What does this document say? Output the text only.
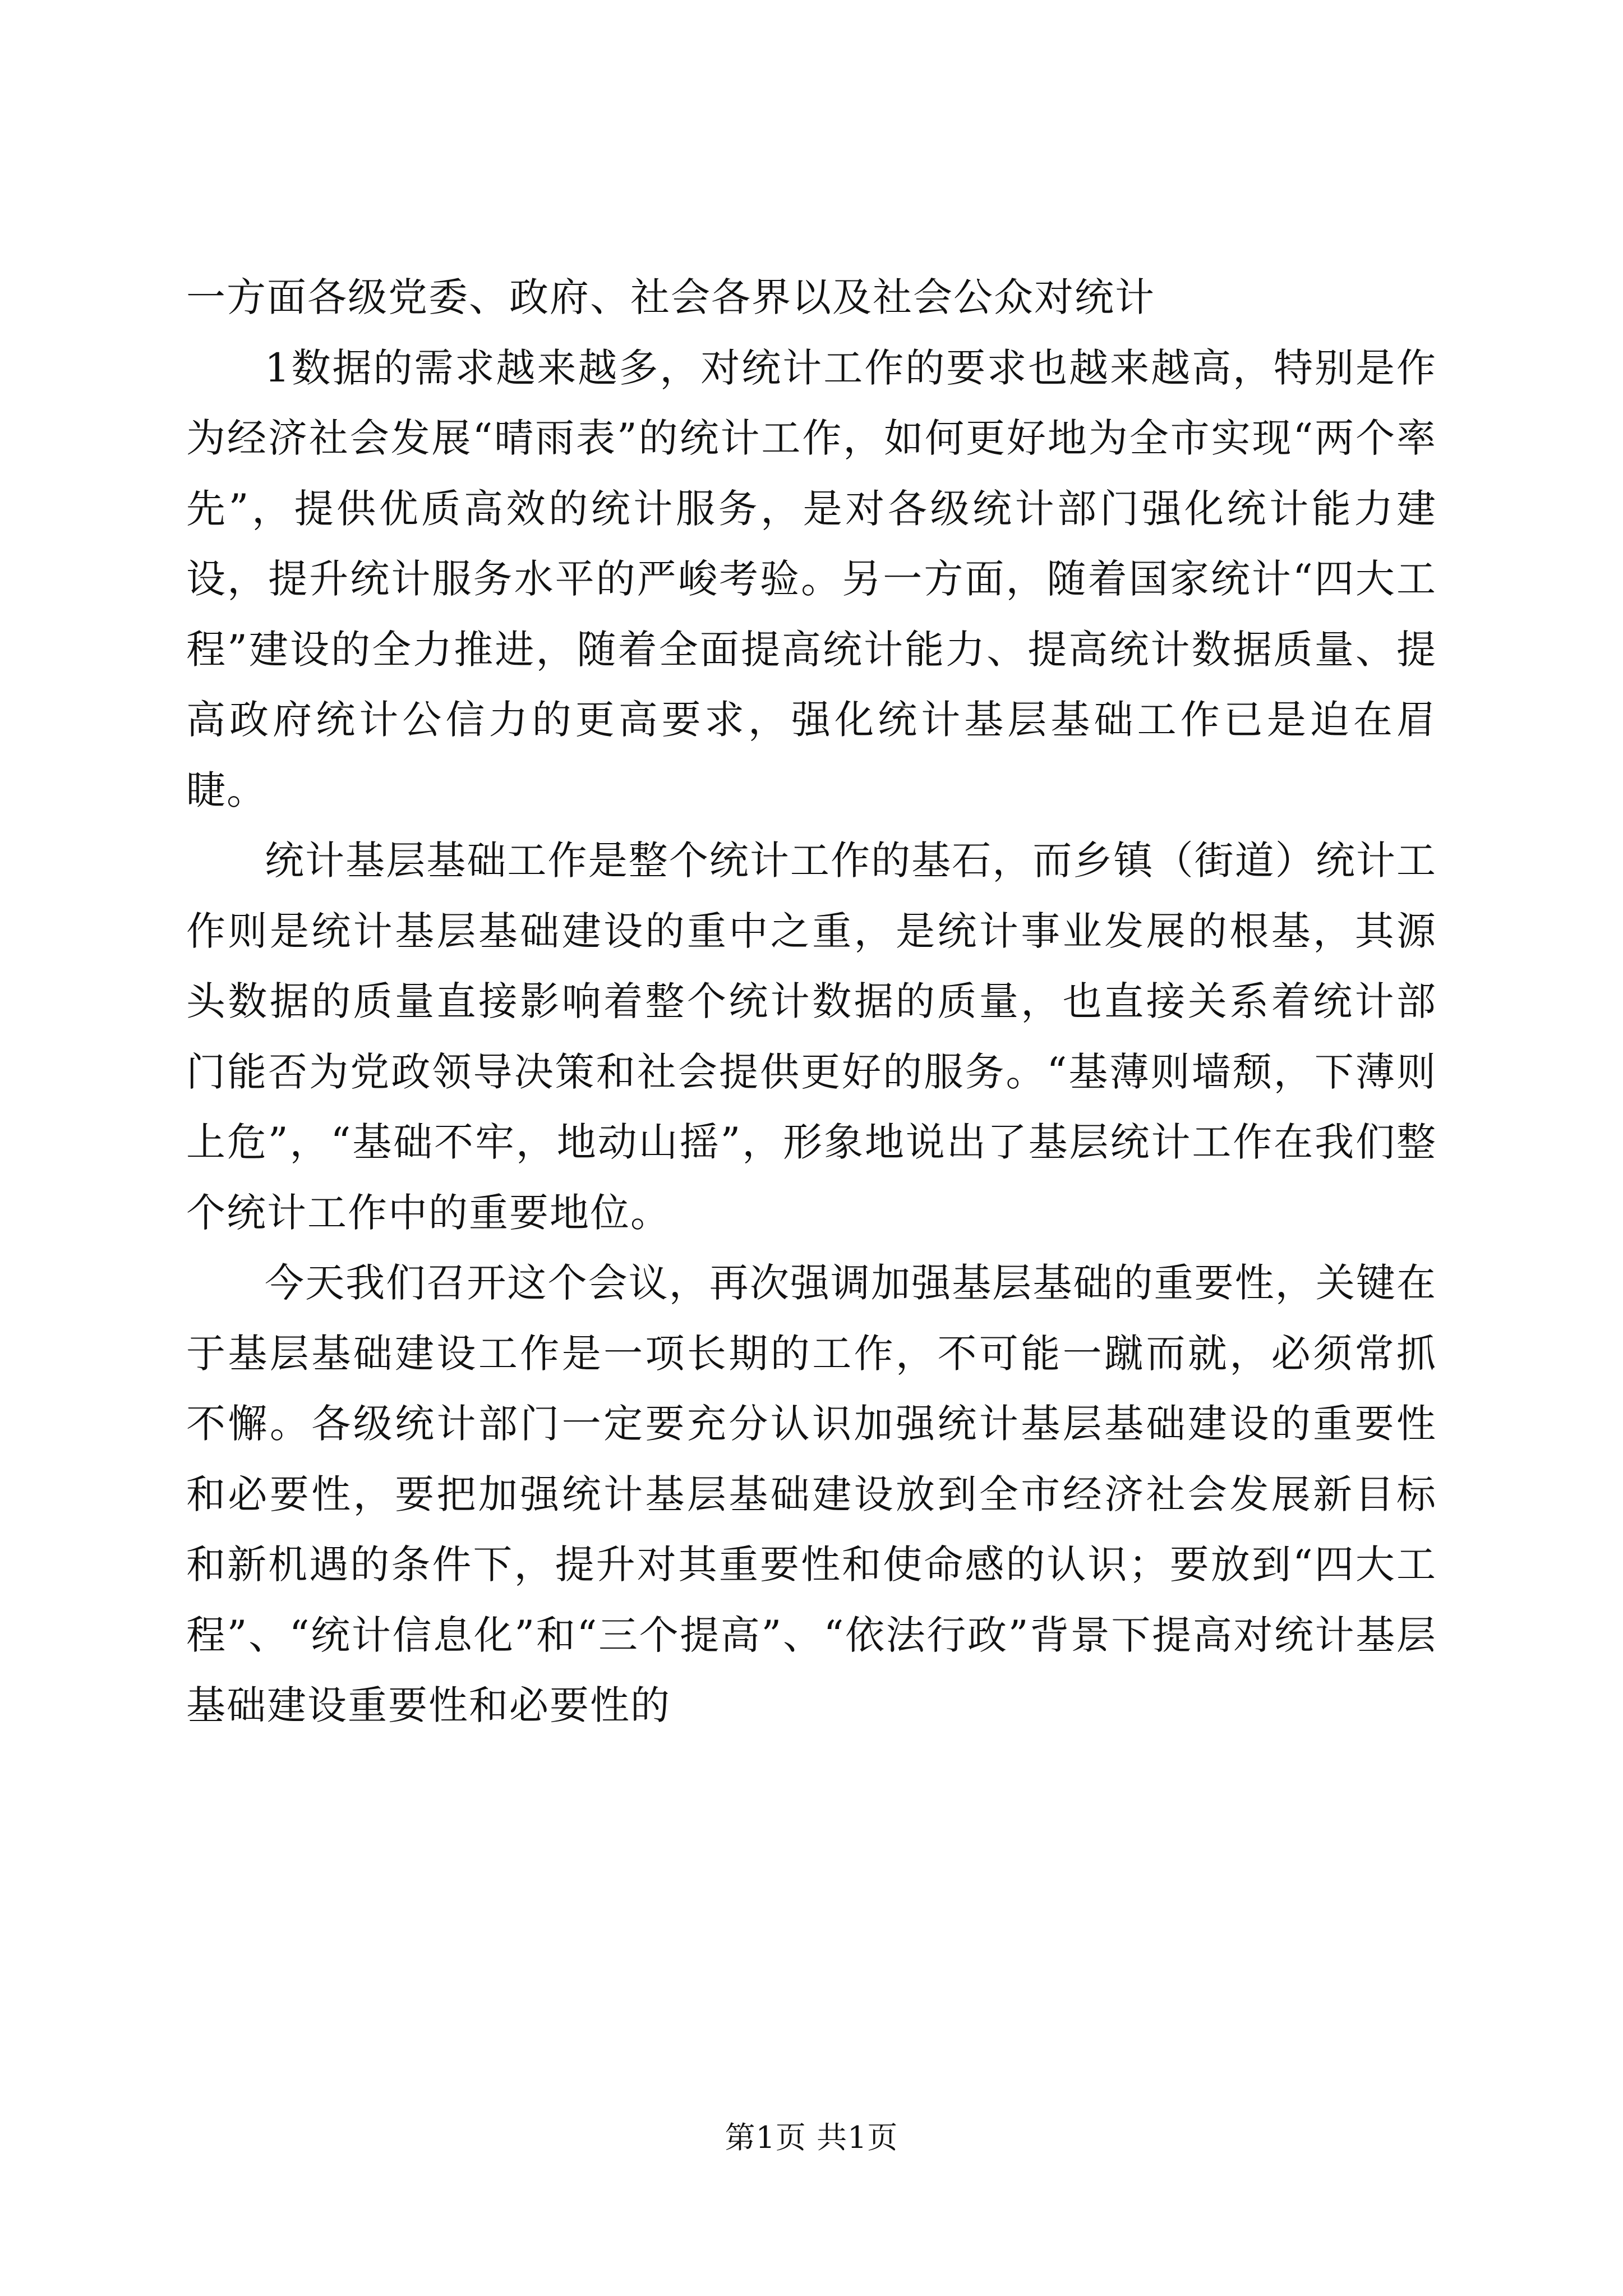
一方面各级党委、政府、社会各界以及社会公众对统计

1数据的需求越来越多，对统计工作的要求也越来越高，特别是作为经济社会发展“晴雨表”的统计工作，如何更好地为全市实现“两个率先”，提供优质高效的统计服务，是对各级统计部门强化统计能力建设，提升统计服务水平的严峻考验。另一方面，随着国家统计“四大工程”建设的全力推进，随着全面提高统计能力、提高统计数据质量、提高政府统计公信力的更高要求，强化统计基层基础工作已是迫在眉睫。

统计基层基础工作是整个统计工作的基石，而乡镇（街道）统计工作则是统计基层基础建设的重中之重，是统计事业发展的根基，其源头数据的质量直接影响着整个统计数据的质量，也直接关系着统计部门能否为党政领导决策和社会提供更好的服务。“基薄则墙颓，下薄则上危”，“基础不牢，地动山摇”，形象地说出了基层统计工作在我们整个统计工作中的重要地位。

今天我们召开这个会议，再次强调加强基层基础的重要性，关键在于基层基础建设工作是一项长期的工作，不可能一蹴而就，必须常抓不懈。各级统计部门一定要充分认识加强统计基层基础建设的重要性和必要性，要把加强统计基层基础建设放到全市经济社会发展新目标和新机遇的条件下，提升对其重要性和使命感的认识；要放到“四大工程”、“统计信息化”和“三个提高”、“依法行政”背景下提高对统计基层基础建设重要性和必要性的

第1页 共1页
